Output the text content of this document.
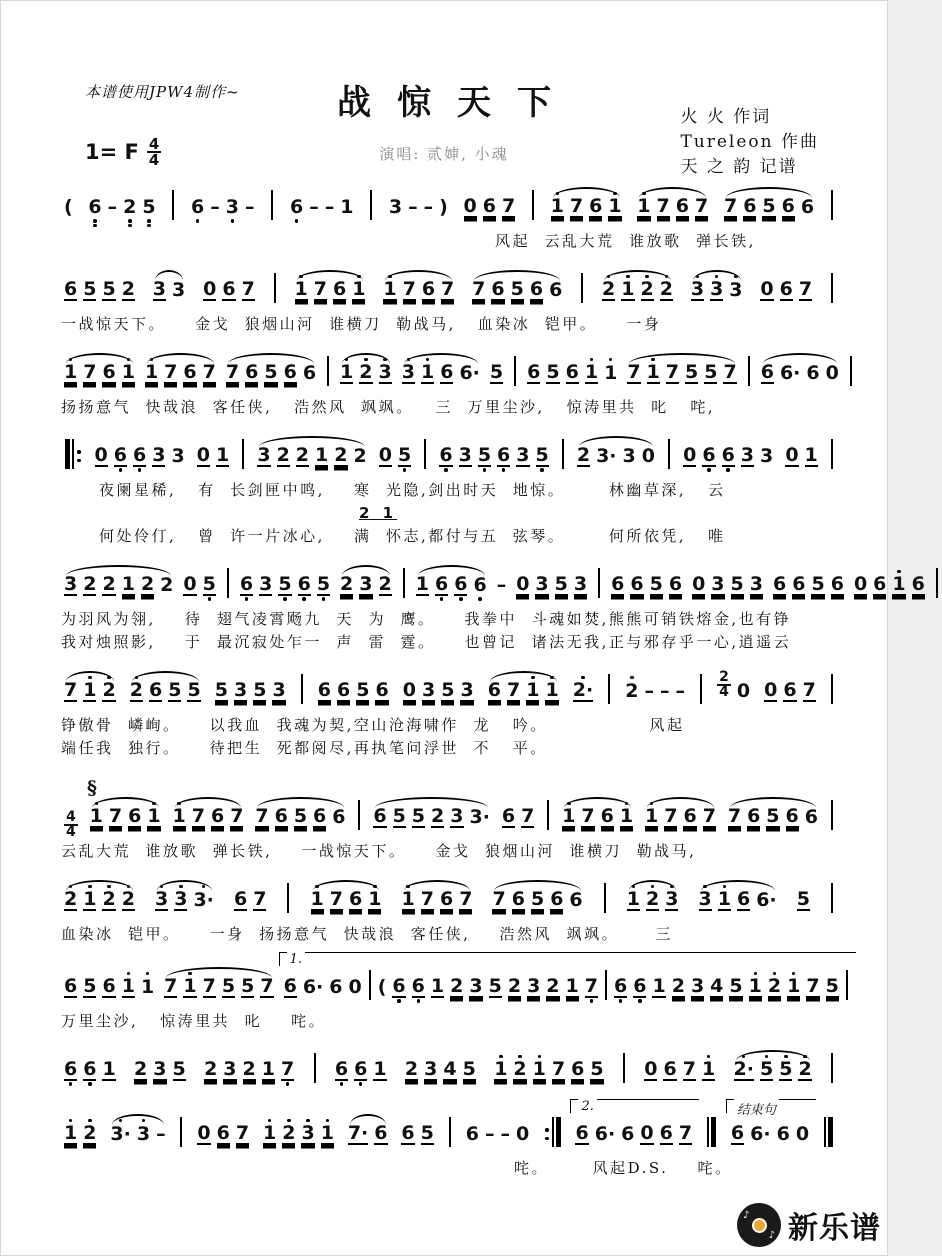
本谱使用JPW4制作~	战惊天下	火 火 作词
Tureleon 作曲
天 之 韵 记谱
1= F 4
4	演唱: 贰婶, 小魂
( 6 – 2 5 6 – 3 – 6 – – 1 3 – – ) 0 6 7 1 7 6 1 1 7 6 7 7 6 5 6 6
风起  云乱大荒  谁放歌  弹长铁,
6 5 5 2 3 3 0 6 7 1 7 6 1 1 7 6 7 7 6 5 6 6 2 1 2 2 3 3 3 0 6 7
一战惊天下。    金戈  狼烟山河  谁横刀  勒战马,   血染冰  铠甲。    一身
1 7 6 1 1 7 6 7 7 6 5 6 6 1 2 3 3 1 6 6· 5 6 5 6 1 1 7 1 7 5 5 7 6 6· 6 0
扬扬意气  快哉浪  客任侠,   浩然风  飒飒。   三  万里尘沙,   惊涛里共  叱   咤,
0 6 6 3 3 0 1 3 2 2 1 2 2 0 5 6 3 5 6 3 5 2 3· 3 0 0 6 6 3 3 0 1
夜阑星稀,   有  长剑匣中鸣,    寒  光隐,剑出时天  地惊。      林幽草深,   云
2 1
何处伶仃,   曾  许一片冰心,    满  怀志,都付与五  弦琴。      何所依凭,   唯
3 2 2 1 2 2 0 5 6 3 5 6 5 2 3 2 1 6 6 6 – 0 3 5 3 6 6 5 6 0 3 5 3 6 6 5 6 0 6 1 6
为羽风为翎,    待  翅气凌霄飏九  天  为  鹰。    我拳中  斗魂如焚,熊熊可销铁熔金,也有铮
我对烛照影,    于  最沉寂处乍一  声  雷  霆。    也曾记  诸法无我,正与邪存乎一心,逍遥云
7 1 2 2 6 5 5 5 3 5 3 6 6 5 6 0 3 5 3 6 7 1 1 2· 2 – – –
2
4 0 0 6 7
铮傲骨  嶙峋。    以我血  我魂为契,空山沧海啸作  龙   吟。              风起
端任我  独行。    待把生  死都阅尽,再执笔问浮世  不   平。
§
4
4
1 7 6 1 1 7 6 7 7 6 5 6 6 6 5 5 2 3 3· 6 7 1 7 6 1 1 7 6 7 7 6 5 6 6
云乱大荒  谁放歌  弹长铁,    一战惊天下。    金戈  狼烟山河  谁横刀  勒战马,
2 1 2 2 3 3 3· 6 7 1 7 6 1 1 7 6 7 7 6 5 6 6 1 2 3 3 1 6 6· 5
血染冰  铠甲。    一身  扬扬意气  快哉浪  客任侠,    浩然风  飒飒。     三
6 5 6 1 1 7 1 7 5 5 7
1.
6 6· 6 0 ( 6 6 1 2 3 5 2 3 2 1 7 6 6 1 2 3 4 5 1 2 1 7 5
万里尘沙,   惊涛里共  叱    咤。
6 6 1 2 3 5 2 3 2 1 7 6 6 1 2 3 4 5 1 2 1 7 6 5 0 6 7 1 2· 5 5 2
1 2 3· 3 – 0 6 7 1 2 3 1 7· 6 6 5 6 – – 0
2.
6 6· 6 0 6 7
结束句
6 6· 6 0
咤。      风起D.S.    咤。
♪
♪ 新乐谱
